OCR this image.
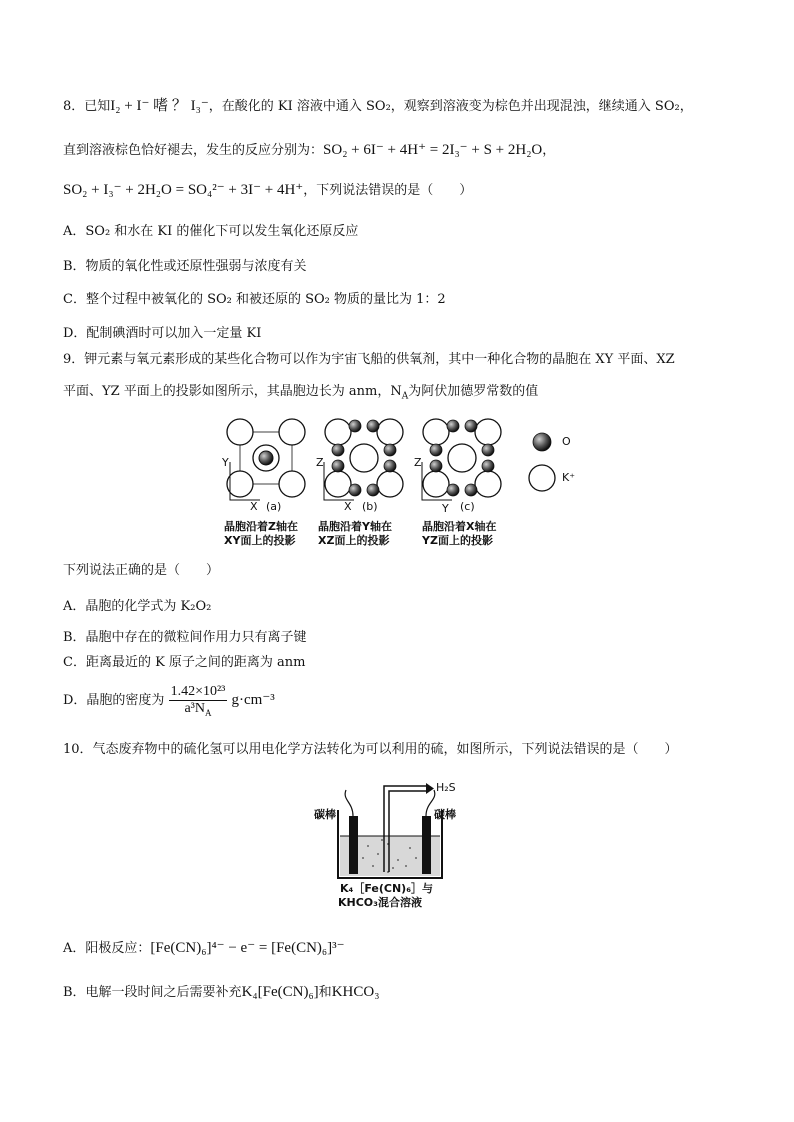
8．已知I₂ + I⁻ 嗜 ？ I₃⁻，在酸化的 KI 溶液中通入 SO₂，观察到溶液变为棕色并出现混浊，继续通入 SO₂，
直到溶液棕色恰好褪去，发生的反应分别为：SO₂ + 6I⁻ + 4H⁺ = 2I₃⁻ + S + 2H₂O，
SO₂ + I₃⁻ + 2H₂O = SO₄²⁻ + 3I⁻ + 4H⁺，下列说法错误的是（　　）
A．SO₂ 和水在 KI 的催化下可以发生氧化还原反应
B．物质的氧化性或还原性强弱与浓度有关
C．整个过程中被氧化的 SO₂ 和被还原的 SO₂ 物质的量比为 1：2
D．配制碘酒时可以加入一定量 KI
9．钾元素与氧元素形成的某些化合物可以作为宇宙飞船的供氧剂，其中一种化合物的晶胞在 XY 平面、XZ
平面、YZ 平面上的投影如图所示，其晶胞边长为 anm，$N_A$为阿伏加德罗常数的值
Y
X (a)
Z
X (b)
Z
Y (c)
O
K⁺
晶胞沿着Z轴在
XY面上的投影
晶胞沿着Y轴在
XZ面上的投影
晶胞沿着X轴在
YZ面上的投影
下列说法正确的是（　　）
A．晶胞的化学式为 K₂O₂
B．晶胞中存在的微粒间作用力只有离子键
C．距离最近的 K 原子之间的距离为 anm
D．晶胞的密度为 $\frac{\text{1.42×10²³}}{a^3N_A} g\cdot cm^{-3}$
10．气态废弃物中的硫化氢可以用电化学方法转化为可以利用的硫，如图所示，下列说法错误的是（　　）
H₂S
碳棒	碳棒
K₄［Fe(CN)₆］与
KHCO₃混合溶液
A．阳极反应：[Fe(CN)₆]⁴⁻ − e⁻ = [Fe(CN)₆]³⁻
B．电解一段时间之后需要补充K₄[Fe(CN)₆]和KHCO₃
